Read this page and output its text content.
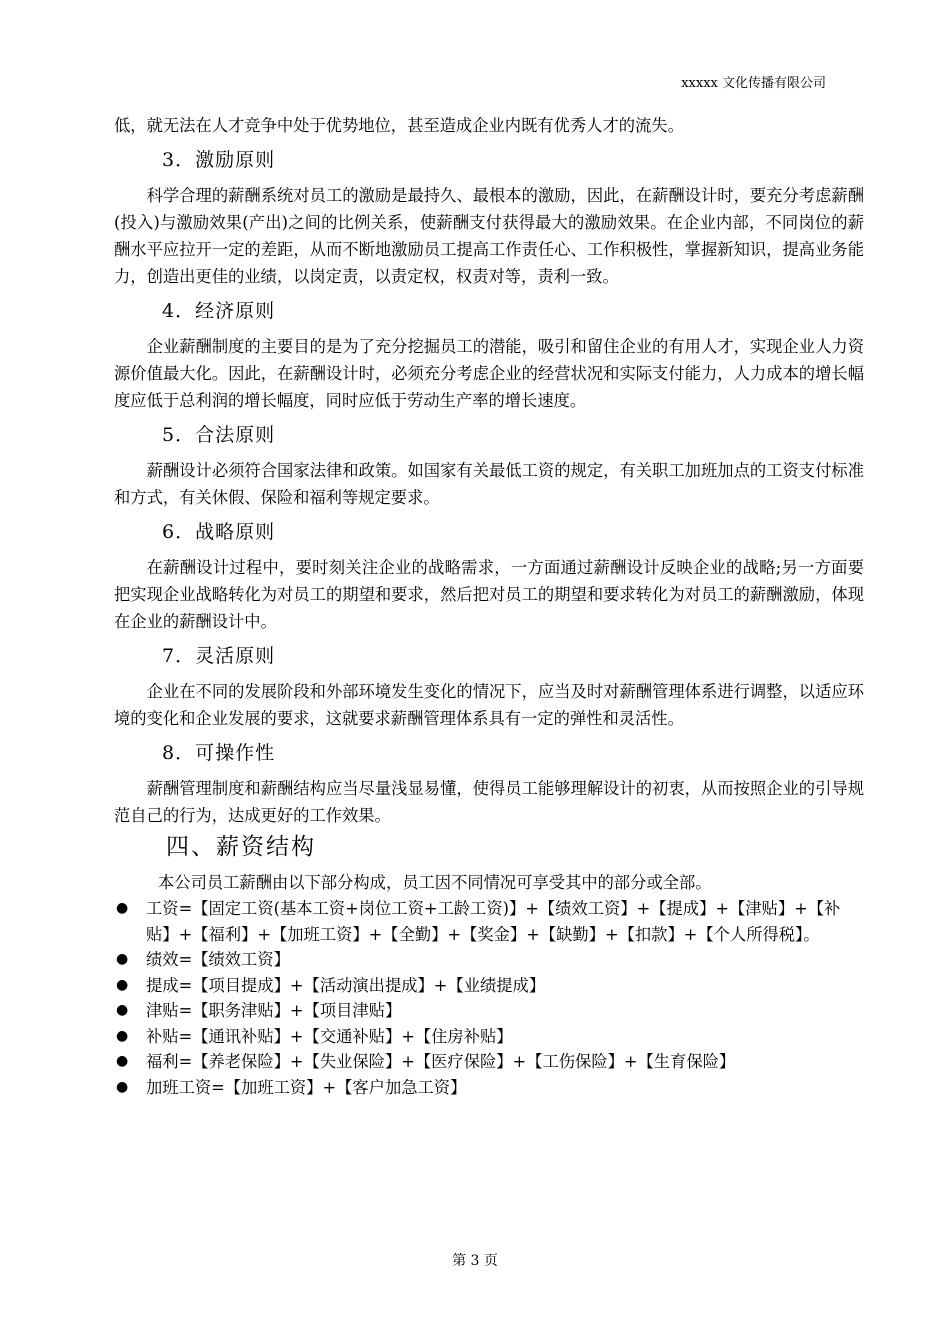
xxxxx 文化传播有限公司

低，就无法在人才竞争中处于优势地位，甚至造成企业内既有优秀人才的流失。

3．激励原则

科学合理的薪酬系统对员工的激励是最持久、最根本的激励，因此，在薪酬设计时，要充分考虑薪酬(投入)与激励效果(产出)之间的比例关系，使薪酬支付获得最大的激励效果。在企业内部，不同岗位的薪酬水平应拉开一定的差距，从而不断地激励员工提高工作责任心、工作积极性，掌握新知识，提高业务能力，创造出更佳的业绩，以岗定责，以责定权，权责对等，责利一致。

4．经济原则

企业薪酬制度的主要目的是为了充分挖掘员工的潜能，吸引和留住企业的有用人才，实现企业人力资源价值最大化。因此，在薪酬设计时，必须充分考虑企业的经营状况和实际支付能力，人力成本的增长幅度应低于总利润的增长幅度，同时应低于劳动生产率的增长速度。

5．合法原则

薪酬设计必须符合国家法律和政策。如国家有关最低工资的规定，有关职工加班加点的工资支付标准和方式，有关休假、保险和福利等规定要求。

6．战略原则

在薪酬设计过程中，要时刻关注企业的战略需求，一方面通过薪酬设计反映企业的战略;另一方面要把实现企业战略转化为对员工的期望和要求，然后把对员工的期望和要求转化为对员工的薪酬激励，体现在企业的薪酬设计中。

7．灵活原则

企业在不同的发展阶段和外部环境发生变化的情况下，应当及时对薪酬管理体系进行调整，以适应环境的变化和企业发展的要求，这就要求薪酬管理体系具有一定的弹性和灵活性。

8．可操作性

薪酬管理制度和薪酬结构应当尽量浅显易懂，使得员工能够理解设计的初衷，从而按照企业的引导规范自己的行为，达成更好的工作效果。

四、薪资结构

本公司员工薪酬由以下部分构成，员工因不同情况可享受其中的部分或全部。

● 工资=【固定工资(基本工资+岗位工资+工龄工资)】+【绩效工资】+【提成】+【津贴】+【补贴】+【福利】+【加班工资】+【全勤】+【奖金】+【缺勤】+【扣款】+【个人所得税】。
● 绩效=【绩效工资】
● 提成=【项目提成】+【活动演出提成】+【业绩提成】
● 津贴=【职务津贴】+【项目津贴】
● 补贴=【通讯补贴】+【交通补贴】+【住房补贴】
● 福利=【养老保险】+【失业保险】+【医疗保险】+【工伤保险】+【生育保险】
● 加班工资=【加班工资】+【客户加急工资】
第 3 页
